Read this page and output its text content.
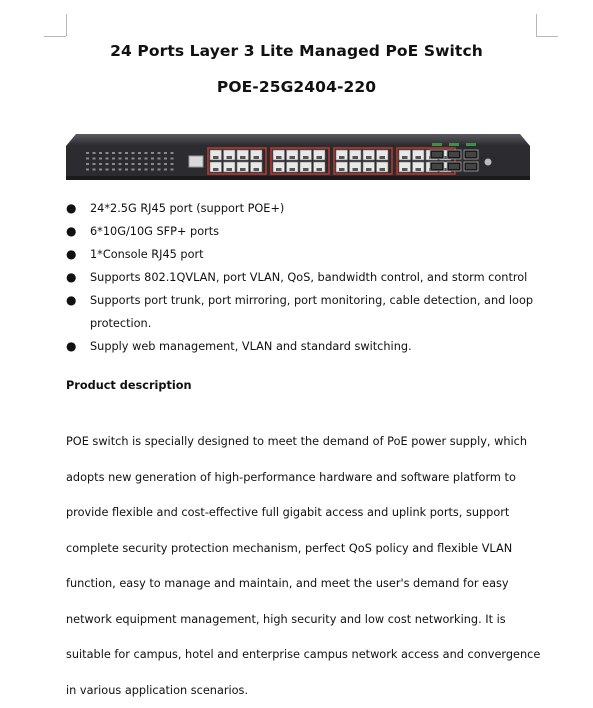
24 Ports Layer 3 Lite Managed PoE Switch
POE-25G2404-220
● 24*2.5G RJ45 port (support POE+)
● 6*10G/10G SFP+ ports
● 1*Console RJ45 port
● Supports 802.1QVLAN, port VLAN, QoS, bandwidth control, and storm control
● Supports port trunk, port mirroring, port monitoring, cable detection, and loop protection.
● Supply web management, VLAN and standard switching.
Product description

POE switch is specially designed to meet the demand of PoE power supply, which adopts new generation of high-performance hardware and software platform to provide flexible and cost-effective full gigabit access and uplink ports, support complete security protection mechanism, perfect QoS policy and flexible VLAN function, easy to manage and maintain, and meet the user's demand for easy network equipment management, high security and low cost networking. It is suitable for campus, hotel and enterprise campus network access and convergence in various application scenarios.
